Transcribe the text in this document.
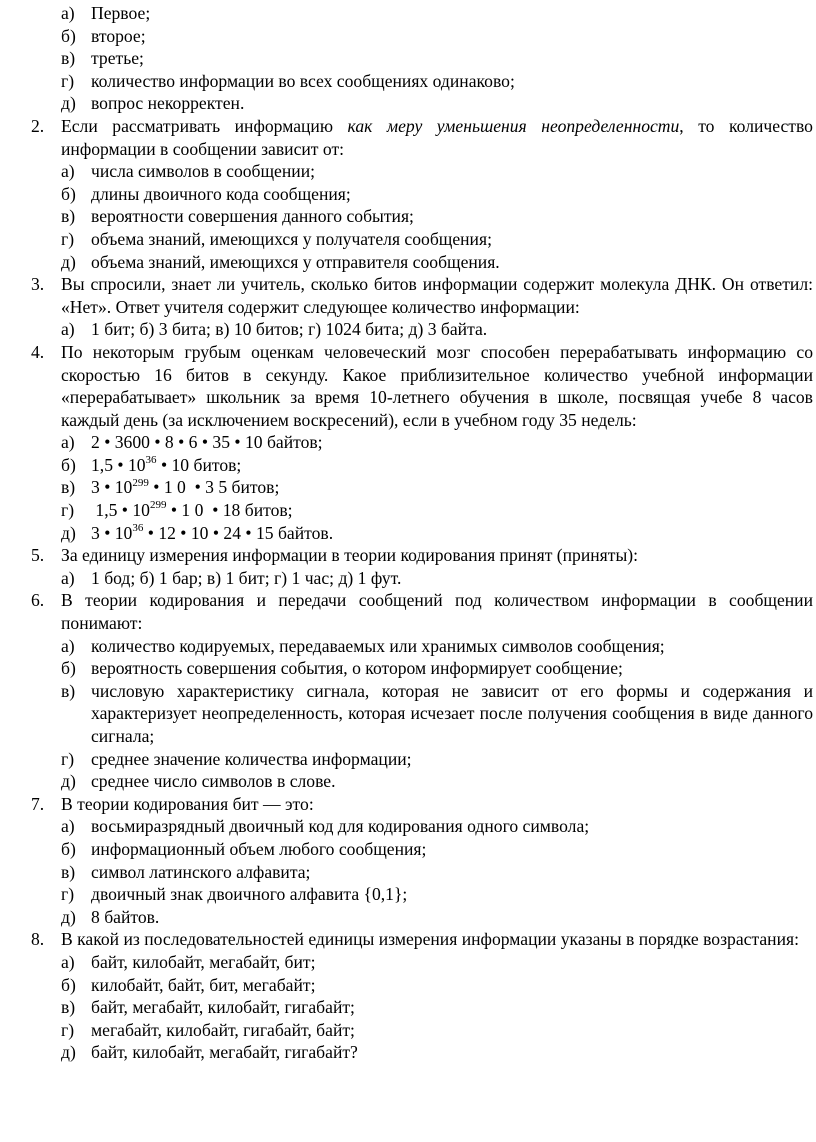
а) Первое;
б) второе;
в) третье;
г) количество информации во всех сообщениях одинаково;
д) вопрос некорректен.
2. Если рассматривать информацию как меру уменьшения неопределенности, то количество информации в сообщении зависит от:
а) числа символов в сообщении;
б) длины двоичного кода сообщения;
в) вероятности совершения данного события;
г) объема знаний, имеющихся у получателя сообщения;
д) объема знаний, имеющихся у отправителя сообщения.
3. Вы спросили, знает ли учитель, сколько битов информации содержит молекула ДНК. Он ответил: «Нет». Ответ учителя содержит следующее количество информации:
а) 1 бит; б) 3 бита; в) 10 битов; г) 1024 бита; д) 3 байта.
4. По некоторым грубым оценкам человеческий мозг способен перерабатывать информацию со скоростью 16 битов в секунду. Какое приблизительное количество учебной информации «перерабатывает» школьник за время 10-летнего обучения в школе, посвящая учебе 8 часов каждый день (за исключением воскресений), если в учебном году 35 недель:
а) 2 • 3600 • 8 • 6 • 35 • 10 байтов;
б) 1,5 • $10^{36}$ • 10 битов;
в) 3 • $10^{299}$ • 1 0  • 3 5 битов;
г) 1,5 • $10^{299}$ • 1 0  • 18 битов;
д) 3 • $10^{36}$ • 12 • 10 • 24 • 15 байтов.
5. За единицу измерения информации в теории кодирования принят (приняты):
а) 1 бод; б) 1 бар; в) 1 бит; г) 1 час; д) 1 фут.
6. В теории кодирования и передачи сообщений под количеством информации в сообщении понимают:
а) количество кодируемых, передаваемых или хранимых символов сообщения;
б) вероятность совершения события, о котором информирует сообщение;
в) числовую характеристику сигнала, которая не зависит от его формы и содержания и характеризует неопределенность, которая исчезает после получения сообщения в виде данного сигнала;
г) среднее значение количества информации;
д) среднее число символов в слове.
7. В теории кодирования бит — это:
а) восьмиразрядный двоичный код для кодирования одного символа;
б) информационный объем любого сообщения;
в) символ латинского алфавита;
г) двоичный знак двоичного алфавита {0,1};
д) 8 байтов.
8. В какой из последовательностей единицы измерения информации указаны в порядке возрастания:
а) байт, килобайт, мегабайт, бит;
б) килобайт, байт, бит, мегабайт;
в) байт, мегабайт, килобайт, гигабайт;
г) мегабайт, килобайт, гигабайт, байт;
д) байт, килобайт, мегабайт, гигабайт?
